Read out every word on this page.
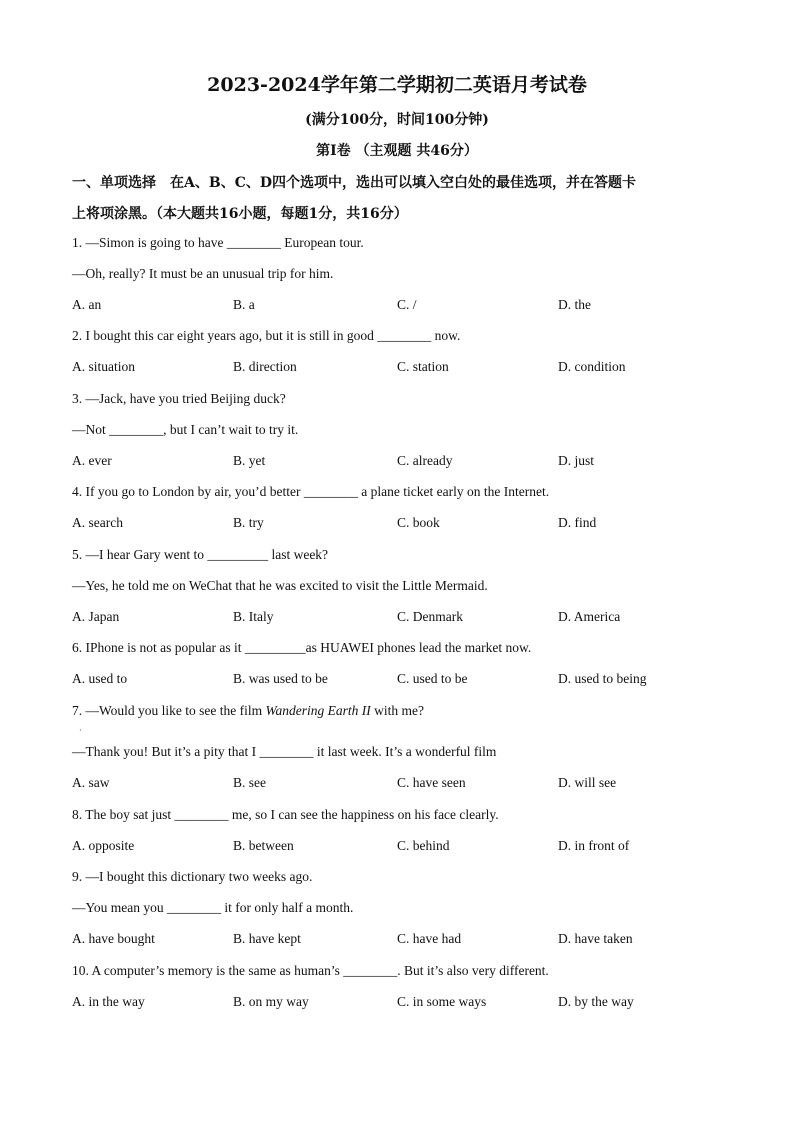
2023-2024学年第二学期初二英语月考试卷
(满分100分，时间100分钟)
第I卷 （主观题 共46分）
一、单项选择　在A、B、C、D四个选项中，选出可以填入空白处的最佳选项，并在答题卡
上将项涂黑。（本大题共16小题，每题1分，共16分）
1. —Simon is going to have ________ European tour.
—Oh, really? It must be an unusual trip for him.
A. an	B. a	C. /	D. the
2. I bought this car eight years ago, but it is still in good ________ now.
A. situation	B. direction	C. station	D. condition
3. —Jack, have you tried Beijing duck?
—Not ________, but I can’t wait to try it.
A. ever	B. yet	C. already	D. just
4. If you go to London by air, you’d better ________ a plane ticket early on the Internet.
A. search	B. try	C. book	D. find
5. —I hear Gary went to _________ last week?
—Yes, he told me on WeChat that he was excited to visit the Little Mermaid.
A. Japan	B. Italy	C. Denmark	D. America
6. IPhone is not as popular as it _________as HUAWEI phones lead the market now.
A. used to	B. was used to be	C. used to be	D. used to being
7. —Would you like to see the film Wandering Earth II with me?
·
—Thank you! But it’s a pity that I ________ it last week. It’s a wonderful film
A. saw	B. see	C. have seen	D. will see
8. The boy sat just ________ me, so I can see the happiness on his face clearly.
A. opposite	B. between	C. behind	D. in front of
9. —I bought this dictionary two weeks ago.
—You mean you ________ it for only half a month.
A. have bought	B. have kept	C. have had	D. have taken
10. A computer’s memory is the same as human’s ________. But it’s also very different.
A. in the way	B. on my way	C. in some ways	D. by the way
